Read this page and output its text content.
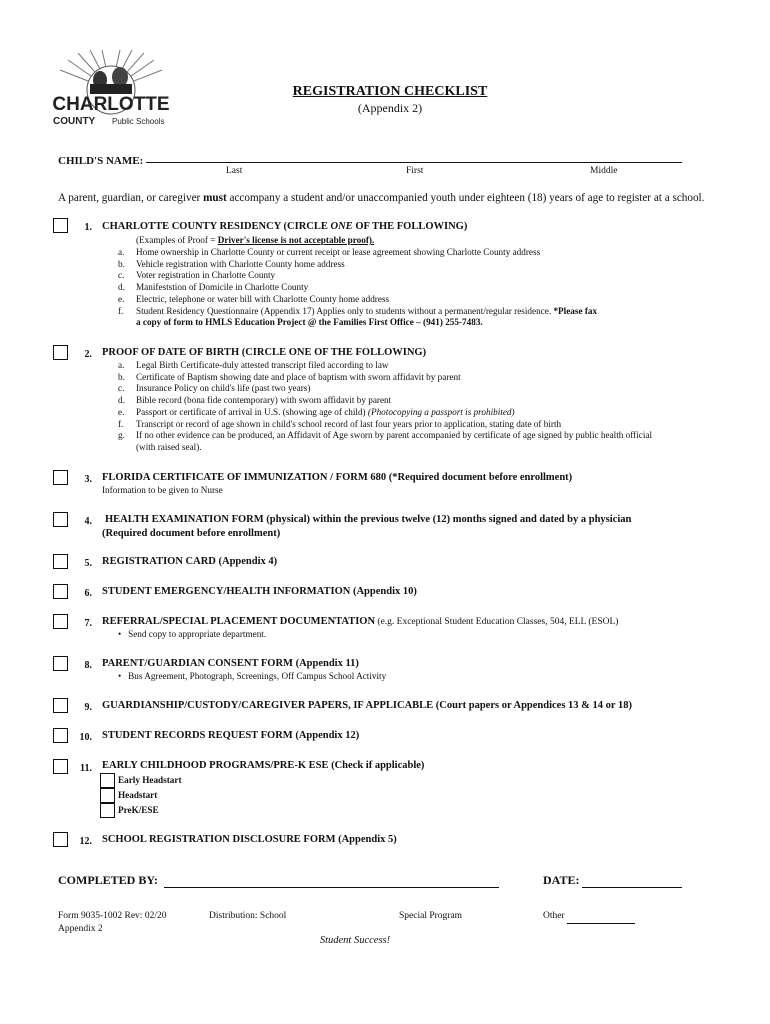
CHARLOTTE
COUNTY Public Schools
REGISTRATION CHECKLIST
(Appendix 2)
CHILD'S NAME:
Last	First	Middle
A parent, guardian, or caregiver must accompany a student and/or unaccompanied youth under eighteen (18) years of age to register at a school.
1. CHARLOTTE COUNTY RESIDENCY (CIRCLE ONE OF THE FOLLOWING)
(Examples of Proof = Driver's license is not acceptable proof).
a.	Home ownership in Charlotte County or current receipt or lease agreement showing Charlotte County address
b.	Vehicle registration with Charlotte County home address
c.	Voter registration in Charlotte County
d.	Manifeststion of Domicile in Charlotte County
e.	Electric, telephone or water bill with Charlotte County home address
f.	Student Residency Questionnaire (Appendix 17) Applies only to students without a permanent/regular residence. *Please fax
a copy of form to HMLS Education Project @ the Families First Office – (941) 255-7483.
2. PROOF OF DATE OF BIRTH (CIRCLE ONE OF THE FOLLOWING)
a.	Legal Birth Certificate-duly attested transcript filed according to law
b.	Certificate of Baptism showing date and place of baptism with sworn affidavit by parent
c.	Insurance Policy on child's life (past two years)
d.	Bible record (bona fide contemporary) with sworn affidavit by parent
e.	Passport or certificate of arrival in U.S. (showing age of child) (Photocopying a passport is prohibited)
f.	Transcript or record of age shown in child's school record of last four years prior to application, stating date of birth
g.	If no other evidence can be produced, an Affidavit of Age sworn by parent accompanied by certificate of age signed by public health official
(with raised seal).
3. FLORIDA CERTIFICATE OF IMMUNIZATION / FORM 680 (*Required document before enrollment)
Information to be given to Nurse
4. HEALTH EXAMINATION FORM (physical) within the previous twelve (12) months signed and dated by a physician
(Required document before enrollment)
5. REGISTRATION CARD (Appendix 4)
6. STUDENT EMERGENCY/HEALTH INFORMATION (Appendix 10)
7. REFERRAL/SPECIAL PLACEMENT DOCUMENTATION (e.g. Exceptional Student Education Classes, 504, ELL (ESOL)
•   Send copy to appropriate department.
8. PARENT/GUARDIAN CONSENT FORM (Appendix 11)
•   Bus Agreement, Photograph, Screenings, Off Campus School Activity
9. GUARDIANSHIP/CUSTODY/CAREGIVER PAPERS, IF APPLICABLE (Court papers or Appendices 13 & 14 or 18)
10. STUDENT RECORDS REQUEST FORM (Appendix 12)
11. EARLY CHILDHOOD PROGRAMS/PRE-K ESE (Check if applicable)
Early Headstart
Headstart
PreK/ESE
12. SCHOOL REGISTRATION DISCLOSURE FORM (Appendix 5)
COMPLETED BY:	DATE:
Form 9035-1002 Rev: 02/20
Appendix 2
Distribution: School	Special Program	Other
Student Success!
